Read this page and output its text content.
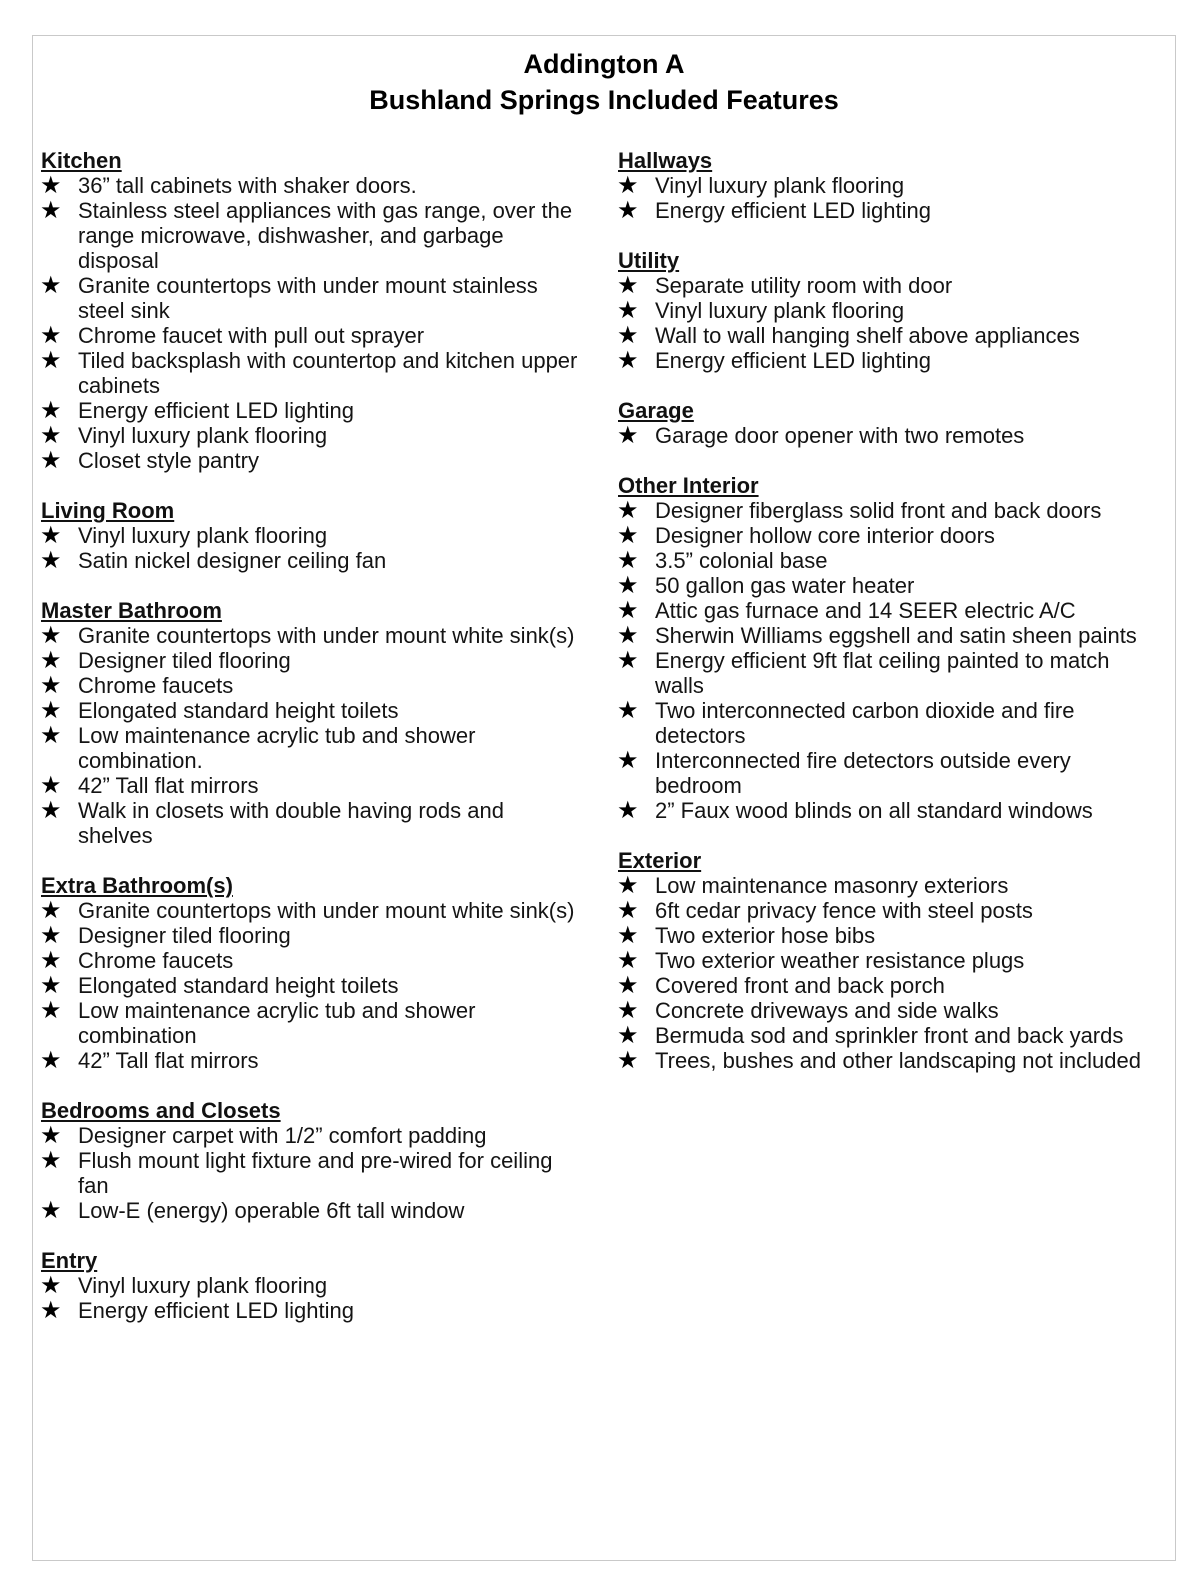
Addington A
Bushland Springs Included Features
Kitchen
★ 36” tall cabinets with shaker doors.
★ Stainless steel appliances with gas range, over the range microwave, dishwasher, and garbage disposal
★ Granite countertops with under mount stainless steel sink
★ Chrome faucet with pull out sprayer
★ Tiled backsplash with countertop and kitchen upper cabinets
★ Energy efficient LED lighting
★ Vinyl luxury plank flooring
★ Closet style pantry
Living Room
★ Vinyl luxury plank flooring
★ Satin nickel designer ceiling fan
Master Bathroom
★ Granite countertops with under mount white sink(s)
★ Designer tiled flooring
★ Chrome faucets
★ Elongated standard height toilets
★ Low maintenance acrylic tub and shower combination.
★ 42” Tall flat mirrors
★ Walk in closets with double having rods and shelves
Extra Bathroom(s)
★ Granite countertops with under mount white sink(s)
★ Designer tiled flooring
★ Chrome faucets
★ Elongated standard height toilets
★ Low maintenance acrylic tub and shower combination
★ 42” Tall flat mirrors
Bedrooms and Closets
★ Designer carpet with 1/2” comfort padding
★ Flush mount light fixture and pre-wired for ceiling fan
★ Low-E (energy) operable 6ft tall window
Entry
★ Vinyl luxury plank flooring
★ Energy efficient LED lighting
Hallways
★ Vinyl luxury plank flooring
★ Energy efficient LED lighting
Utility
★ Separate utility room with door
★ Vinyl luxury plank flooring
★ Wall to wall hanging shelf above appliances
★ Energy efficient LED lighting
Garage
★ Garage door opener with two remotes
Other Interior
★ Designer fiberglass solid front and back doors
★ Designer hollow core interior doors
★ 3.5” colonial base
★ 50 gallon gas water heater
★ Attic gas furnace and 14 SEER electric A/C
★ Sherwin Williams eggshell and satin sheen paints
★ Energy efficient 9ft flat ceiling painted to match walls
★ Two interconnected carbon dioxide and fire detectors
★ Interconnected fire detectors outside every bedroom
★ 2” Faux wood blinds on all standard windows
Exterior
★ Low maintenance masonry exteriors
★ 6ft cedar privacy fence with steel posts
★ Two exterior hose bibs
★ Two exterior weather resistance plugs
★ Covered front and back porch
★ Concrete driveways and side walks
★ Bermuda sod and sprinkler front and back yards
★ Trees, bushes and other landscaping not included
